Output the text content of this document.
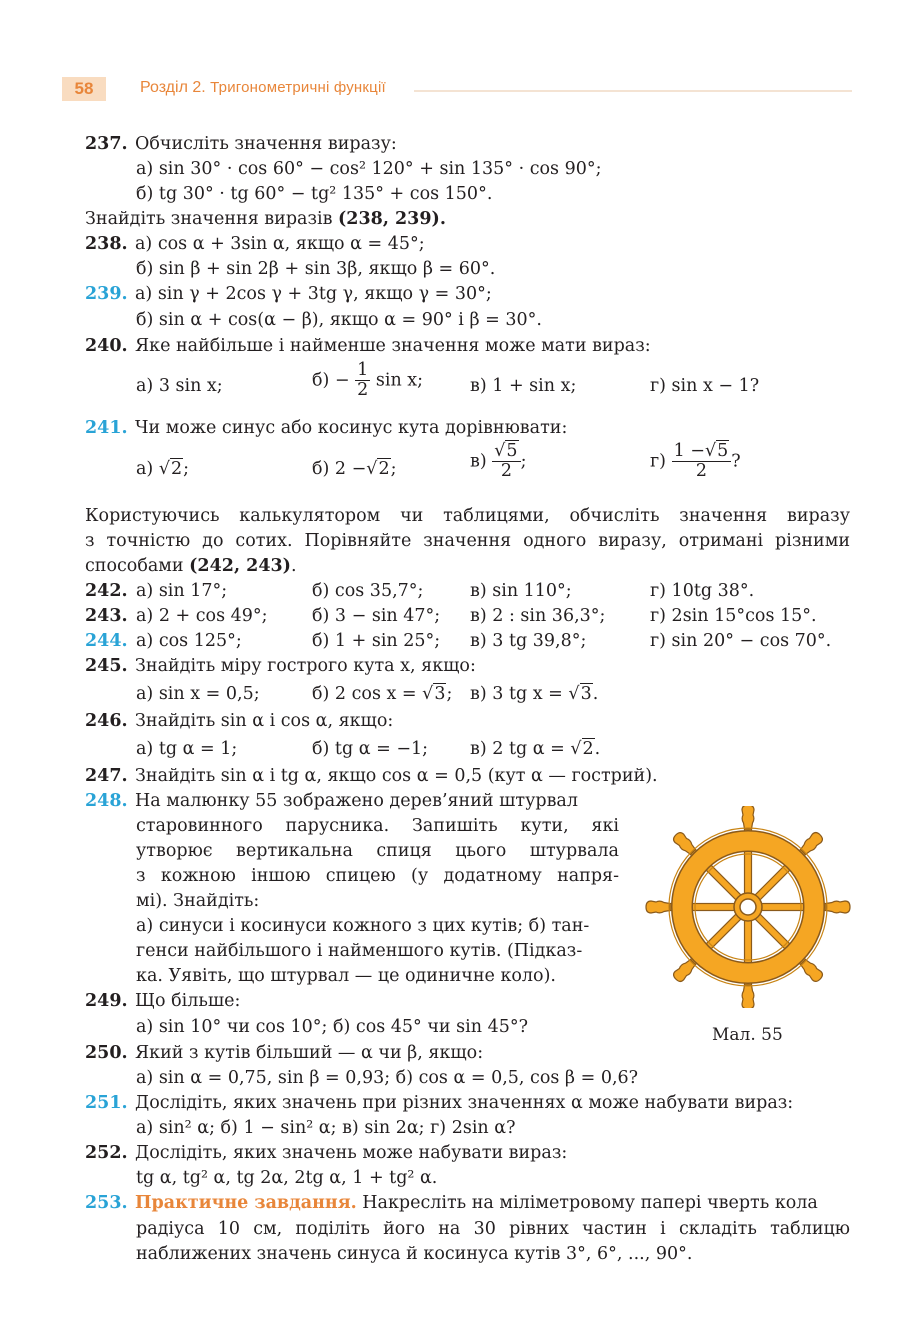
58	Розділ 2. Тригонометричні функції
237. Обчисліть значення виразу:
а) sin 30° · cos 60° − cos² 120° + sin 135° · cos 90°;
б) tg 30° · tg 60° − tg² 135° + cos 150°.
Знайдіть значення виразів (238, 239).
238. а) cos α + 3sin α, якщо α = 45°;
б) sin β + sin 2β + sin 3β, якщо β = 60°.
239. а) sin γ + 2cos γ + 3tg γ, якщо γ = 30°;
б) sin α + cos(α − β), якщо α = 90° і β = 30°.
240. Яке найбільше і найменше значення може мати вираз:
а) 3 sin x;	$б) - \frac{1}{2}$ sin x;	в) 1 + sin x;	г) sin x − 1?
241. Чи може синус або косинус кута дорівнювати:
а) √2;	б) 2 −√2;	$в) \frac{√5}{2}$ ;	$г) \frac{1 -√5}{2}$ ?
Користуючись калькулятором чи таблицями, обчисліть значення виразу
з точністю до сотих. Порівняйте значення одного виразу, отримані різними
способами (242, 243).
242. а) sin 17°;	б) cos 35,7°;	в) sin 110°;	г) 10tg 38°.
243. а) 2 + cos 49°;	б) 3 − sin 47°; в) 2 : sin 36,3°;	г) 2sin 15°cos 15°.
244. а) cos 125°;	б) 1 + sin 25°; в) 3 tg 39,8°;	г) sin 20° − cos 70°.
245. Знайдіть міру гострого кута x, якщо:
а) sin x = 0,5;	б) 2 cos x = √3; в) 3 tg x = √3.
246. Знайдіть sin α і cos α, якщо:
а) tg α = 1;	б) tg α = −1; в) 2 tg α = √2.
247. Знайдіть sin α і tg α, якщо cos α = 0,5 (кут α — гострий).
248. На малюнку 55 зображено дерев’яний штурвал
старовинного парусника. Запишіть кути, які
утворює вертикальна спиця цього штурвала
з кожною іншою спицею (у додатному напря-
мі). Знайдіть:
а) синуси і косинуси кожного з цих кутів; б) тан-
генси найбільшого і найменшого кутів. (Підказ-
ка. Уявіть, що штурвал — це одиничне коло).
Мал. 55
249. Що більше:
а) sin 10° чи cos 10°; б) cos 45° чи sin 45°?
250. Який з кутів більший — α чи β, якщо:
а) sin α = 0,75, sin β = 0,93; б) cos α = 0,5, cos β = 0,6?
251. Дослідіть, яких значень при різних значеннях α може набувати вираз:
а) sin² α; б) 1 − sin² α; в) sin 2α; г) 2sin α?
252. Дослідіть, яких значень може набувати вираз:
tg α, tg² α, tg 2α, 2tg α, 1 + tg² α.
253. Практичне завдання. Накресліть на міліметровому папері чверть кола
радіуса 10 см, поділіть його на 30 рівних частин і складіть таблицю
наближених значень синуса й косинуса кутів 3°, 6°, ..., 90°.
